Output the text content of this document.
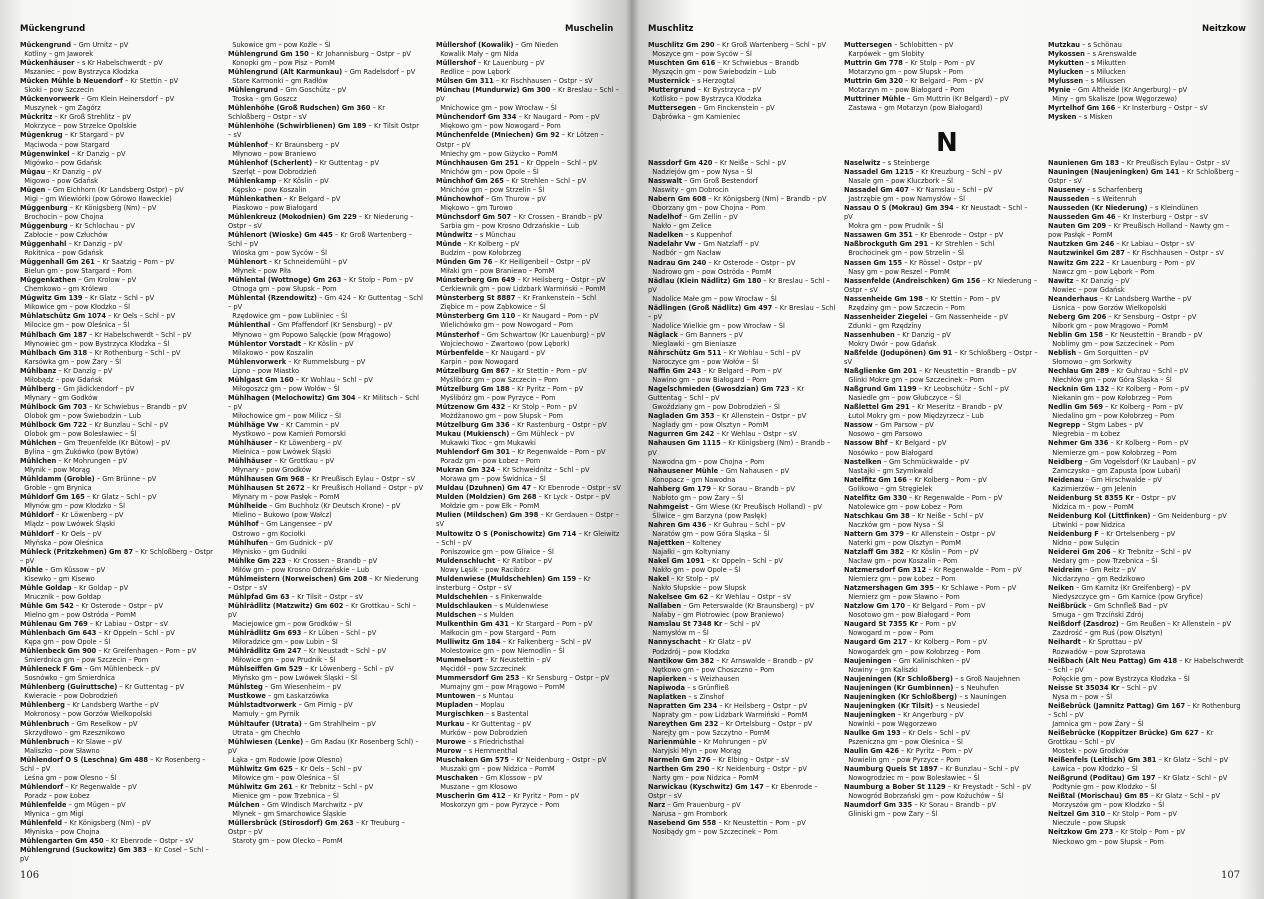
Mückengrund	Muschelin
Mückengrund – Gm Urnitz – pV
Kotliny – gm Jaworek
Mückenhäuser – s Kr Habelschwerdt – pV
Mszaniec – pow Bystrzyca Kłodzka
Mücken Mühle b Neuendorf – Kr Stettin – pV
Skoki – pow Szczecin
Mückenvorwerk – Gm Klein Heinersdorf – pV
Muszynek – gm Zagórz
Mückritz – Kr Groß Strehlitz – pV
Mokrzyce – pow Strzelce Opolskie
Mügenkrug – Kr Stargard – pV
Mąciwoda – pow Stargard
Mügenwinkel – Kr Danzig – pV
Migówko – pow Gdańsk
Mügau – Kr Danzig – pV
Migowo – pow Gdańsk
Mügen – Gm Eichhorn (Kr Landsberg Ostpr) – pV
Migi – gm Wiewiórki (pow Górowo Iławeckie)
Müggenburg – Kr Königsberg (Nm) – pV
Brochocin – pow Chojna
Müggenburg – Kr Schlochau – pV
Zabłocie – pow Człuchów
Müggenhahl – Kr Danzig – pV
Rokitnica – pow Gdańsk
Müggenhall Gm 261 – Kr Saatzig – Pom – pV
Bielun gm – pow Stargard – Pom
Müggenkathen – Gm Krolow – pV
Chemkowo – gm Królewo
Mügwitz Gm 139 – Kr Glatz – Schl – pV
Mikowice gm – pow Kłodzko – Śl
Mühlatschütz Gm 1074 – Kr Oels – Schl – pV
Milocice gm – pow Oleśnica – Śl
Mühlbach Gm 187 – Kr Habelschwerdt – Schl – pV
Młynowiec gm – pow Bystrzyca Kłodzka – Śl
Mühlbach Gm 318 – Kr Rothenburg – Schl – pV
Karsówka gm – pow Żary – Śl
Mühlbanz – Kr Danzig – pV
Miłobądz – pow Gdańsk
Mühlberg – Gm Jädickendorf – pV
Młynary – gm Godków
Mühlbock Gm 703 – Kr Schwiebus – Brandb – pV
Olobok gm – pow Świebodzin – Lub
Mühlbock Gm 722 – Kr Bunzlau – Schl – pV
Olobok gm – pow Bolesławiec – Śl
Mühlchen – Gm Treuenfelde (Kr Bütow) – pV
Bylina – gm Żukówko (pow Bytów)
Mühlchen – Kr Mohrungen – pV
Młynik – pow Morąg
Mühldamm (Groble) – Gm Brünne – pV
Groble – gm Brynica
Mühldorf Gm 165 – Kr Glatz – Schl – pV
Młynów gm – pow Kłodzko – Śl
Mühldorf – Kr Löwenberg – pV
Mlądz – pow Lwówek Śląski
Mühldorf – Kr Oels – pV
Młyńska – pow Oleśnica
Mühleck (Pritzkehmen) Gm 87 – Kr Schloßberg – Ostpr – pV
Mühle – Gm Küssow – pV
Kisewko – gm Kisewo
Mühle Goldap – Kr Goldap – pV
Mrucznik – pow Gołdap
Mühle Gm 542 – Kr Osterode – Ostpr – pV
Mielno gm – pow Ostróda – PomM
Mühlenau Gm 769 – Kr Labiau – Ostpr – sV
Mühlenbach Gm 643 – Kr Oppeln – Schl – pV
Kępa gm – pow Opole – Śl
Mühlenbeck Gm 900 – Kr Greifenhagen – Pom – pV
Śmierdnica gm – pow Szczecin – Pom
Mühleneck F Gm – Gm Mühlenbeck – pV
Sosnówko – gm Śmierdnica
Mühlenberg (Guiruttsche) – Kr Guttentag – pV
Kwieracie – pow Dobrodzień
Mühlenberg – Kr Landsberg Warthe – pV
Mokronosy – pow Gorzów Wielkopolski
Mühlenbruch – Gm Reselkow – pV
Skrzydłowo – gm Rzesznikowo
Mühlenbruch – Kr Slawe – pV
Maliszko – pow Sławno
Mühlendorf O S (Leschna) Gm 488 – Kr Rosenberg – Schl – pV
Leśna gm – pow Olesno – Śl
Mühlendorf – Kr Regenwalde – pV
Poradz – pow Łobez
Mühlenfelde – gm Mügen – pV
Młynica – gm Migi
Mühlenfeld – Kr Königsberg (Nm) – pV
Młyniska – pow Chojna
Mühlengarten Gm 450 – Kr Ebenrode – Ostpr – sV
Mühlengrund (Suckowitz) Gm 383 – Kr Cosel – Schl – pV
Sukowice gm – pow Koźle – Śl
Mühlengrund Gm 150 – Kr Johannisburg – Ostpr – pV
Konopki gm – pow Pisz – PomM
Mühlengrund (Alt Karmunkau) – Gm Radelsdorf – pV
Stare Karmonki – gm Radłów
Mühlengrund – Gm Goschütz – pV
Troska – gm Goszcz
Mühlenhöhe (Groß Rudschen) Gm 360 – Kr Schloßberg – Ostpr – sV
Mühlenhöhe (Schwirblienen) Gm 189 – Kr Tilsit Ostpr – sV
Mühlenhof – Kr Braunsberg – pV
Młynowo – pow Braniewo
Mühlenhof (Scherlent) – Kr Guttentag – pV
Szerlęt – pow Dobrodzień
Mühlenkamp – Kr Köslin – pV
Kępsko – pow Koszalin
Mühlenkathen – Kr Belgard – pV
Piaskowo – pow Białogard
Mühlenkreuz (Mokodnien) Gm 229 – Kr Niederung – Ostpr – sV
Mühlenort (Wioske) Gm 445 – Kr Groß Wartenberg – Schl – pV
Wioska gm – pow Syców – Śl
Mühlenort – Kr Schneidemühl – pV
Młynek – pow Piła
Mühlental (Wottnoge) Gm 263 – Kr Stolp – Pom – pV
Otnoga gm – pow Słupsk – Pom
Mühlental (Rzendowitz) – Gm 424 – Kr Guttentag – Schl – pV
Rzędowice gm – pow Lubliniec – Śl
Mühlenthal – Gm Pfaffendorf (Kr Sensburg) – pV
Młynowo – gm Popowo Salęckie (pow Mrągowo)
Mühlentor Vorstadt – Kr Köslin – pV
Milakowo – pow Koszalin
Mühlenvorwerk – Kr Rummelsburg – pV
Lipno – pow Miastko
Mühlgast Gm 160 – Kr Wohlau – Schl – pV
Miłogoszcz gm – pow Wołów – Śl
Mühlhagen (Melochowitz) Gm 304 – Kr Militsch – Schl – pV
Miłochowice gm – pow Milicz – Śl
Mühlhäge Vw – Kr Cammin – pV
Mystkowo – pow Kamień Pomorski
Mühlhäuser – Kr Löwenberg – pV
Mielnica – pow Lwówek Śląski
Mühlhäuser – Kr Grottkau – pV
Młynary – pow Grodków
Mühlhausen Gm 968 – Kr Preußisch Eylau – Ostpr – sV
Mühlhausen St 2672 – Kr Preußisch Holland – Ostpr – pV
Młynary m – pow Pasłęk – PomM
Mühlheide – Gm Buchholz (Kr Deutsch Krone) – pV
Mielino – Bukowo (pow Wałcz)
Mühlhof – Gm Langensee – pV
Ostrowo – gm Kociołki
Mühlhufen – Gm Gudnick – pV
Młynisko – gm Gudniki
Mühlke Gm 223 – Kr Crossen – Brandb – pV
Miłów gm – pow Krosno Odrzańskie – Lub
Mühlmeistern (Norweischen) Gm 208 – Kr Niederung – Ostpr – sV
Mühlpfad Gm 63 – Kr Tilsit – Ostpr – sV
Mühlrädlitz (Matzwitz) Gm 602 – Kr Grottkau – Schl – pV
Maciejowice gm – pow Grodków – Śl
Mühlrädlitz Gm 693 – Kr Lüben – Schl – pV
Miłoradzice gm – pow Lubin – Śl
Mühlrädlitz Gm 247 – Kr Neustadt – Schl – pV
Miłowice gm – pow Prudnik – Śl
Mühlseiffen Gm 529 – Kr Löwenberg – Schl – pV
Młyńsko gm – pow Lwówek Śląski – Śl
Mühlsteg – Gm Wiesenheim – pV
Mustkowe – gm Łaskarzówka
Mühlstadtvorwerk – Gm Pirnig – pV
Mamuły – gm Pyrnik
Mühltaufer (Utrata) – Gm Strahlheim – pV
Utrata – gm Chechło
Mühlwiesen (Lenke) – Gm Radau (Kr Rosenberg Schl) – pV
Łąka – gm Rodowie (pow Olesno)
Mühlwitz Gm 625 – Kr Oels – Schl – pV
Miłowice gm – pow Oleśnica – Śl
Mühlwitz Gm 261 – Kr Trebnitz – Schl – pV
Mienice gm – pow Trzebnica – Śl
Mülchen – Gm Windisch Marchwitz – pV
Mlynek – gm Smarchowice Śląskie
Müllersbrück (Stirosdorf) Gm 263 – Kr Treuburg – Ostpr – pV
Staroty gm – pow Olecko – PomM
Müllershof (Kowalik) – Gm Nieden
Kowalik Mały – gm Nida
Müllershof – Kr Lauenburg – pV
Redlice – pow Lębork
Mülsen Gm 311 – Kr Fischhausen – Ostpr – sV
Münchau (Mundurwiz) Gm 300 – Kr Breslau – Schl – pV
Mnichowice gm – pow Wrocław – Śl
Münchendorf Gm 334 – Kr Naugard – Pom – pV
Miękowo gm – pow Nowogard – Pom
Münchenfelde (Mniechen) Gm 92 – Kr Lötzen – Ostpr – pV
Mniechy gm – pow Giżycko – PomM
Münchhausen Gm 251 – Kr Oppeln – Schl – pV
Mnichów gm – pow Opole – Śl
Münchhof Gm 265 – Kr Strehlen – Schl – pV
Mnichów gm – pow Strzelin – Śl
Münchowhof – Gm Thurow – pV
Miękowo – gm Turowo
Münchsdorf Gm 507 – Kr Crossen – Brandb – pV
Sarbia gm – pow Krosno Odrzańskie – Lub
Mündwitz – s Münchau
Münde – Kr Kolberg – pV
Budzim – pow Kołobrzeg
Münden Gm 76 – Kr Heiligenbeil – Ostpr – pV
Miłaki gm – pow Braniewo – PomM
Münsterberg Gm 649 – Kr Heilsberg – Ostpr – pV
Cerkiewnik gm – pow Lidzbark Warmiński – PomM
Münsterberg St 8887 – Kr Frankenstein – Schl
Ziębice m – pow Ząbkowice – Śl
Münsterberg Gm 110 – Kr Naugard – Pom – pV
Wielichówko gm – pow Nowogard – Pom
Münsterhof – Gm Schwartow (Kr Lauenburg) – pV
Wojciechowo – Zwartowo (pow Lębork)
Mürbenfelde – Kr Naugard – pV
Karpin – pow Nowogard
Mützelburg Gm 867 – Kr Stettin – Pom – pV
Myślibórz gm – pow Szczecin – Pom
Mützelburg Gm 188 – Kr Pyritz – Pom – pV
Myślibórz gm – pow Pyrzyce – Pom
Mützenow Gm 432 – Kr Stolp – Pom – pV
Możdżanowo gm – pow Słupsk – Pom
Mützelburg Gm 336 – Kr Rastenburg – Ostpr – pV
Mukau (Mukiensch) – Gm Mühleck – pV
Mukawki Tkoc – gm Mukawki
Muhlendorf Gm 301 – Kr Regenwalde – Pom – pV
Poradz gm – pow Łobez – Pom
Mukran Gm 324 – Kr Schweidnitz – Schl – pV
Morawa gm – pow Świdnica – Śl
Muldau (Dzuhnen) Gm 47 – Kr Ebenrode – Ostpr – sV
Mulden (Moldzien) Gm 268 – Kr Lyck – Ostpr – pV
Mołdzie gm – pow Ełk – PomM
Mulien (Mildschen) Gm 398 – Kr Gerdauen – Ostpr – sV
Multowitz O S (Ponischowitz) Gm 714 – Kr Gleiwitz – Schl – pV
Poniszowice gm – pow Gliwice – Śl
Muldenschlucht – Kr Ratibor – pV
Nowy Lęsik – pow Racibórz
Muldenwiese (Muldschehlen) Gm 159 – Kr Insterburg – Ostpr – sV
Muldschehlen – s Finkenwalde
Muldschlauken – s Muldenwiese
Muldschen – s Mulden
Mulkenthin Gm 431 – Kr Stargard – Pom – pV
Małkocin gm – pow Stargard – Pom
Mulliwitz Gm 184 – Kr Falkenberg – Schl – pV
Molestowice gm – pow Niemodlin – Śl
Mummelsort – Kr Neustettin – pV
Męcidół – pow Szczecinek
Mummersdorf Gm 253 – Kr Sensburg – Ostpr – pV
Mumajny gm – pow Mrągowo – PomM
Muntowen – s Muntau
Mupladen – Moplau
Murgischken – s Bastental
Murkau – Kr Guttentag – pV
Murków – pow Dobrodzień
Murowe – s Friedrichsthal
Murow – s Hemmenthal
Muschaken Gm 575 – Kr Neidenburg – Ostpr – pV
Muszaki gm – pow Nidzica – PomM
Muschaken – Gm Klossow – pV
Muszane – gm Kłosowo
Muscherin Gm 412 – Kr Pyritz – Pom – pV
Moskorzyn gm – pow Pyrzyce – Pom
106
Muschlitz	Neitzkow
Muschlitz Gm 290 – Kr Groß Wartenberg – Schl – pV
Moszyce gm – pow Syców – Śl
Muschten Gm 616 – Kr Schwiebus – Brandb
Myszęcin gm – pow Świebodzin – Lub
Musternick – s Herzogtal
Muttergrund – Kr Bystrzyca – pV
Kotlisko – pow Bystrzyca Kłodzka
Muttersegen – Gm Finckenstein – pV
Dąbrówka – gm Kamieniec
Muttersegen – Schlobitten – pV
Karpówek – gm Słobity
Muttrin Gm 778 – Kr Stolp – Pom – pV
Motarzyno gm – pow Słupsk – Pom
Muttrin Gm 320 – Kr Belgard – Pom – pV
Motarzyn m – pow Białogard – Pom
Muttriner Mühle – Gm Muttrin (Kr Belgard) – pV
Zastawa – gm Motarzyn (pow Białogard)
Mutzkau – s Schönau
Mykossen – s Arenswalde
Mykutten – s Mikutten
Mylucken – s Milucken
Mylussen – s Milussen
Mynie – Gm Altheide (Kr Angerburg) – pV
Miny – gm Skalisze (pow Węgorzewo)
Myrtelhof Gm 166 – Kr Insterburg – Ostpr – sV
Mysken – s Misken
N
Nassdorf Gm 420 – Kr Neiße – Schl – pV
Nadziejów gm – pow Nysa – Śl
Nasswalt – Gm Groß Bestendorf
Naswity – gm Dobrocin
Nabern Gm 608 – Kr Königsberg (Nm) – Brandb – pV
Oborzany gm – pow Chojna – Pom
Nadelhof – Gm Zellin – pV
Nakło – gm Zelice
Nadelken – s Kuppenhof
Nadelahr Vw – Gm Natzlaff – pV
Nadbór – gm Nacław
Nadrau Gm 240 – Kr Osterode – Ostpr – pV
Nadrowo gm – pow Ostróda – PomM
Nädlau (Klein Nädlitz) Gm 180 – Kr Breslau – Schl – pV
Nadolice Małe gm – pow Wrocław – Śl
Nädlingen (Groß Nädlitz) Gm 497 – Kr Breslau – Schl – pV
Nadolice Wielkie gm – pow Wrocław – Śl
Näglack – Gm Banners – pV
Nieglawki – gm Bieniasze
Nährschütz Gm 511 – Kr Wohlau – Schl – pV
Naroczyce gm – pow Wołów – Śl
Naffin Gm 243 – Kr Belgard – Pom – pV
Nawino gm – pow Białogard – Pom
Nagelschmieden (Gwosdzian) Gm 723 – Kr Guttentag – Schl – pV
Gwoździany gm – pow Dobrodzień – Śl
Nagladen Gm 353 – Kr Allenstein – Ostpr – pV
Nagłady gm – pow Olsztyn – PomM
Nagurren Gm 242 – Kr Wehlau – Ostpr – sV
Nahausen Gm 1115 – Kr Königsberg (Nm) – Brandb – pV
Nawodna gm – pow Chojna – Pom
Nahausener Mühle – Gm Nahausen – pV
Konopacz – gm Nawodna
Nahberg Gm 179 – Kr Sorau – Brandb – pV
Nabłoto gm – pow Żary – Śl
Nahmgeist – Gm Wiese (Kr Preußisch Holland) – pV
Śliwice – gm Barzyna (pow Pasłęk)
Nahren Gm 436 – Kr Guhrau – Schl – pV
Naratów gm – pow Góra Śląska – Śl
Najettken – Kolteney
Najałki – gm Koltyniany
Nakel Gm 1091 – Kr Oppeln – Schl – pV
Nakło gm – pow Opole – Śl
Nakel – Kr Stolp – pV
Nakło Słupskie – pow Słupsk
Nakelsee Gm 62 – Kr Wehlau – Ostpr – sV
Nallaben – Gm Peterswalde (Kr Braunsberg) – pV
Nałaby – gm Piotrowiec (pow Braniewo)
Namslau St 7348 Kr – Schl – pV
Namysłów m – Śl
Nannyschacht – Kr Glatz – pV
Podzdrój – pow Kłodzko
Nantikow Gm 382 – Kr Arnswalde – Brandb – pV
Nętkowo gm – pow Choszczno – Pom
Napierken – s Weizhausen
Napiwoda – s Grünfließ
Naplatken – s Zinshof
Napratten Gm 234 – Kr Heilsberg – Ostpr – pV
Napraty gm – pow Lidzbark Warmiński – PomM
Nareythen Gm 232 – Kr Ortelsburg – Ostpr – pV
Narejty gm – pow Szczytno – PomM
Narienmühle – Kr Mohrungen – pV
Naryjski Młyn – pow Morąg
Narmeln Gm 276 – Kr Elbing – Ostpr – sV
Narthen Gm 290 – Kr Neidenburg – Ostpr – pV
Narty gm – pow Nidzica – PomM
Narwickau (Kyschwitz) Gm 147 – Kr Ebenrode – Ostpr – sV
Narz – Gm Frauenburg – pV
Narusa – gm Frombork
Nasebend Gm 558 – Kr Neustettin – Pom – pV
Nosibądy gm – pow Szczecinek – Pom
Naselwitz – s Steinberge
Nassadel Gm 1215 – Kr Kreuzburg – Schl – pV
Nasale gm – pow Kluczbork – Śl
Nassadel Gm 407 – Kr Namslau – Schl – pV
Jastrzębie gm – pow Namysłów – Śl
Nassau O S (Mokrau) Gm 394 – Kr Neustadt – Schl – pV
Mokra gm – pow Prudnik – Śl
Nassawen Gm 351 – Kr Ebenrode – Ostpr – pV
Naßbrockguth Gm 291 – Kr Strehlen – Schl
Brochocinek gm – pow Strzelin – Śl
Nassen Gm 155 – Kr Rössel – Ostpr – pV
Nasy gm – pow Reszel – PomM
Nassenfelde (Andreischken) Gm 156 – Kr Niederung – Ostpr – sV
Nassenheide Gm 198 – Kr Stettin – Pom – pV
Rzędziny gm – pow Szczecin – Pom
Nassenheider Ziegelei – Gm Nassenheide – pV
Zdunki – gm Rzędziny
Nassenhuben – Kr Danzig – pV
Mokry Dwór – pow Gdańsk
Naßfelde (Jodupönen) Gm 91 – Kr Schloßberg – Ostpr – sV
Naßglienke Gm 201 – Kr Neustettin – Brandb – pV
Glinki Mokre gm – pow Szczecinek – Pom
Naßgrund Gm 1199 – Kr Leobschütz – Schl – pV
Nasiedle gm – pow Głubczyce – Śl
Naßlettel Gm 291 – Kr Meseritz – Brandb – pV
Łutol Mokry gm – pow Międzyrzecz – Lub
Nassow – Gm Parsow – pV
Nosowo – gm Parsowo
Nassow Bhf – Kr Belgard – pV
Nosówko – pow Białogard
Nastelken – Gm Schmückwalde – pV
Nastajki – gm Szymkwald
Natelfitz Gm 166 – Kr Kolberg – Pom – pV
Golikowo – gm Stręgielek
Natelfitz Gm 330 – Kr Regenwalde – Pom – pV
Natolewice gm – pow Łobez – Pom
Natschkau Gm 38 – Kr Neiße – Schl – pV
Naczków gm – pow Nysa – Śl
Nattern Gm 379 – Kr Allenstein – Ostpr – pV
Naterki gm – pow Olsztyn – PomM
Natzlaff Gm 382 – Kr Köslin – Pom – pV
Nacław gm – pow Koszalin – Pom
Natzmersdorf Gm 312 – Kr Regenwalde – Pom – pV
Niemierz gm – pow Łobez – Pom
Natzmershagen Gm 395 – Kr Schlawe – Pom – pV
Niemierz gm – pow Sławno – Pom
Natzlow Gm 170 – Kr Belgard – Pom – pV
Nosotowo gm – pow Białogard – Pom
Naugard St 7355 Kr – Pom – pV
Nowogard m – pow – Pom
Naugard Gm 217 – Kr Kolberg – Pom – pV
Nowogardek gm – pow Kołobrzeg – Pom
Naujeningen – Gm Kalinischken – pV
Nowiny – gm Kaliszki
Naujeningen (Kr Schloßberg) – s Groß Naujehnen
Naujeningen (Kr Gumbinnen) – s Neuhufen
Naujeningken (Kr Schloßberg) – s Nauningen
Naujeningken (Kr Tilsit) – s Neusiedel
Naujeningken – Kr Angerburg – pV
Nowinki – pow Węgorzewo
Naulke Gm 193 – Kr Oels – Schl – pV
Pszeniczna gm – pow Oleśnica – Śl
Naulin Gm 426 – Kr Pyritz – Pom – pV
Nowielin gm – pow Pyrzyce – Pom
Naumburg Queis St 1897 – Kr Bunzlau – Schl – pV
Nowogrodziec m – pow Bolesławiec – Śl
Naumburg a Bober St 1129 – Kr Freystadt – Schl – pV
Nowogród Bobrzański gm – pow Kożuchów – Śl
Naumdorf Gm 335 – Kr Sorau – Brandb – pV
Gliniski gm – pow Żary – Śl
Naunienen Gm 183 – Kr Preußisch Eylau – Ostpr – sV
Nauningen (Naujeningken) Gm 141 – Kr Schloßberg – Ostpr – sV
Nauseney – s Scharfenberg
Nausseden – s Weitenruh
Nausseden (Kr Niederung) – s Kleindünen
Nausseden Gm 46 – Kr Insterburg – Ostpr – sV
Nauten Gm 209 – Kr Preußisch Holland – Nawty gm – pow Pasłęk – PomM
Nautzken Gm 246 – Kr Labiau – Ostpr – sV
Nautzwinkel Gm 287 – Kr Fischhausen – Ostpr – sV
Nawitz Gm 222 – Kr Lauenburg – Pom – pV
Nawcz gm – pow Lębork – Pom
Nawitz – Kr Danzig – pV
Nowiec – pow Gdańsk
Neanderhaus – Kr Landsberg Warthe – pV
Lisnica – pow Gorzów Wielkopolski
Neberg Gm 206 – Kr Sensburg – Ostpr – pV
Nibork gm – pow Mrągowo – PomM
Neblin Gm 158 – Kr Neustettin – Brandb – pV
Noblimy gm – pow Szczecinek – Pom
Neblish – Gm Sorquitten – pV
Słomowo – gm Sorkwity
Nechlau Gm 289 – Kr Guhrau – Schl – pV
Niechłów gm – pow Góra Śląska – Śl
Necknin Gm 132 – Kr Kolberg – Pom – pV
Niekanin gm – pow Kołobrzeg – Pom
Nedlin Gm 569 – Kr Kolberg – Pom – pV
Niedalino gm – pow Kołobrzeg – Pom
Negrepp – Stgm Labes – pV
Niegrebia – m Łobez
Nehmer Gm 336 – Kr Kolberg – Pom – pV
Niemierze gm – pow Kołobrzeg – Pom
Neidberg – Gm Vogelsdorf (Kr Lauban) – pV
Zamczysko – gm Zapusta (pow Lubań)
Neidenau – Gm Hirschwalde – pV
Kazimierzów – gm Jelenin
Neidenburg St 8355 Kr – Ostpr – pV
Nidzica m – pow – PomM
Neidenburg Kol (Littfinken) – Gm Neidenburg – pV
Litwinki – pow Nidzica
Neidenburg F – Kr Ortelsenberg – pV
Nidno – pow Sulęcin
Neiderei Gm 206 – Kr Trebnitz – Schl – pV
Nedary gm – pow Trzebnica – Śl
Neidreim – Gm Reitz – pV
Nicdarzyno – gm Redzikowo
Neiken – Gm Karnitz (Kr Greifenberg) – pV
Niedyszczyce gm – Gm Karnice (pow Gryfice)
Neißbrück – Gm Schnfleß Bad – pV
Smuga – gm Trzciński Zdrój
Neißdorf (Zasdroz) – Gm Reußen – Kr Allenstein – pV
Zazdrość – gm Ruś (pow Olsztyn)
Neihardt – Kr Sprottau – pV
Rozwadów – pow Szprotawa
Neißbach (Alt Neu Pattag) Gm 418 – Kr Habelschwerdt – Schl – pV
Połęckie gm – pow Bystrzyca Kłodzka – Śl
Neisse St 35034 Kr – Schl – pV
Nysa m – pow – Śl
Neißebrück (Jamnitz Pattag) Gm 167 – Kr Rothenburg – Schl – pV
Jamnica gm – pow Żary – Śl
Neißebrücke (Koppitzer Brücke) Gm 627 – Kr Grottkau – Schl – pV
Mostek – pow Grodków
Neißenfels (Leitisch) Gm 381 – Kr Glatz – Schl – pV
Ławica – pow Kłodzko – Śl
Neißgrund (Poditau) Gm 197 – Kr Glatz – Schl – pV
Podtynie gm – pow Kłodzko – Śl
Neißtal (Morischau) Gm 85 – Kr Glatz – Schl – pV
Morzyszów gm – pow Kłodzko – Śl
Neitzel Gm 310 – Kr Stolp – Pom – pV
Nieczule – pow Słupsk
Neitzkow Gm 273 – Kr Stolp – Pom – pV
Nieckowo gm – pow Słupsk – Pom
107
